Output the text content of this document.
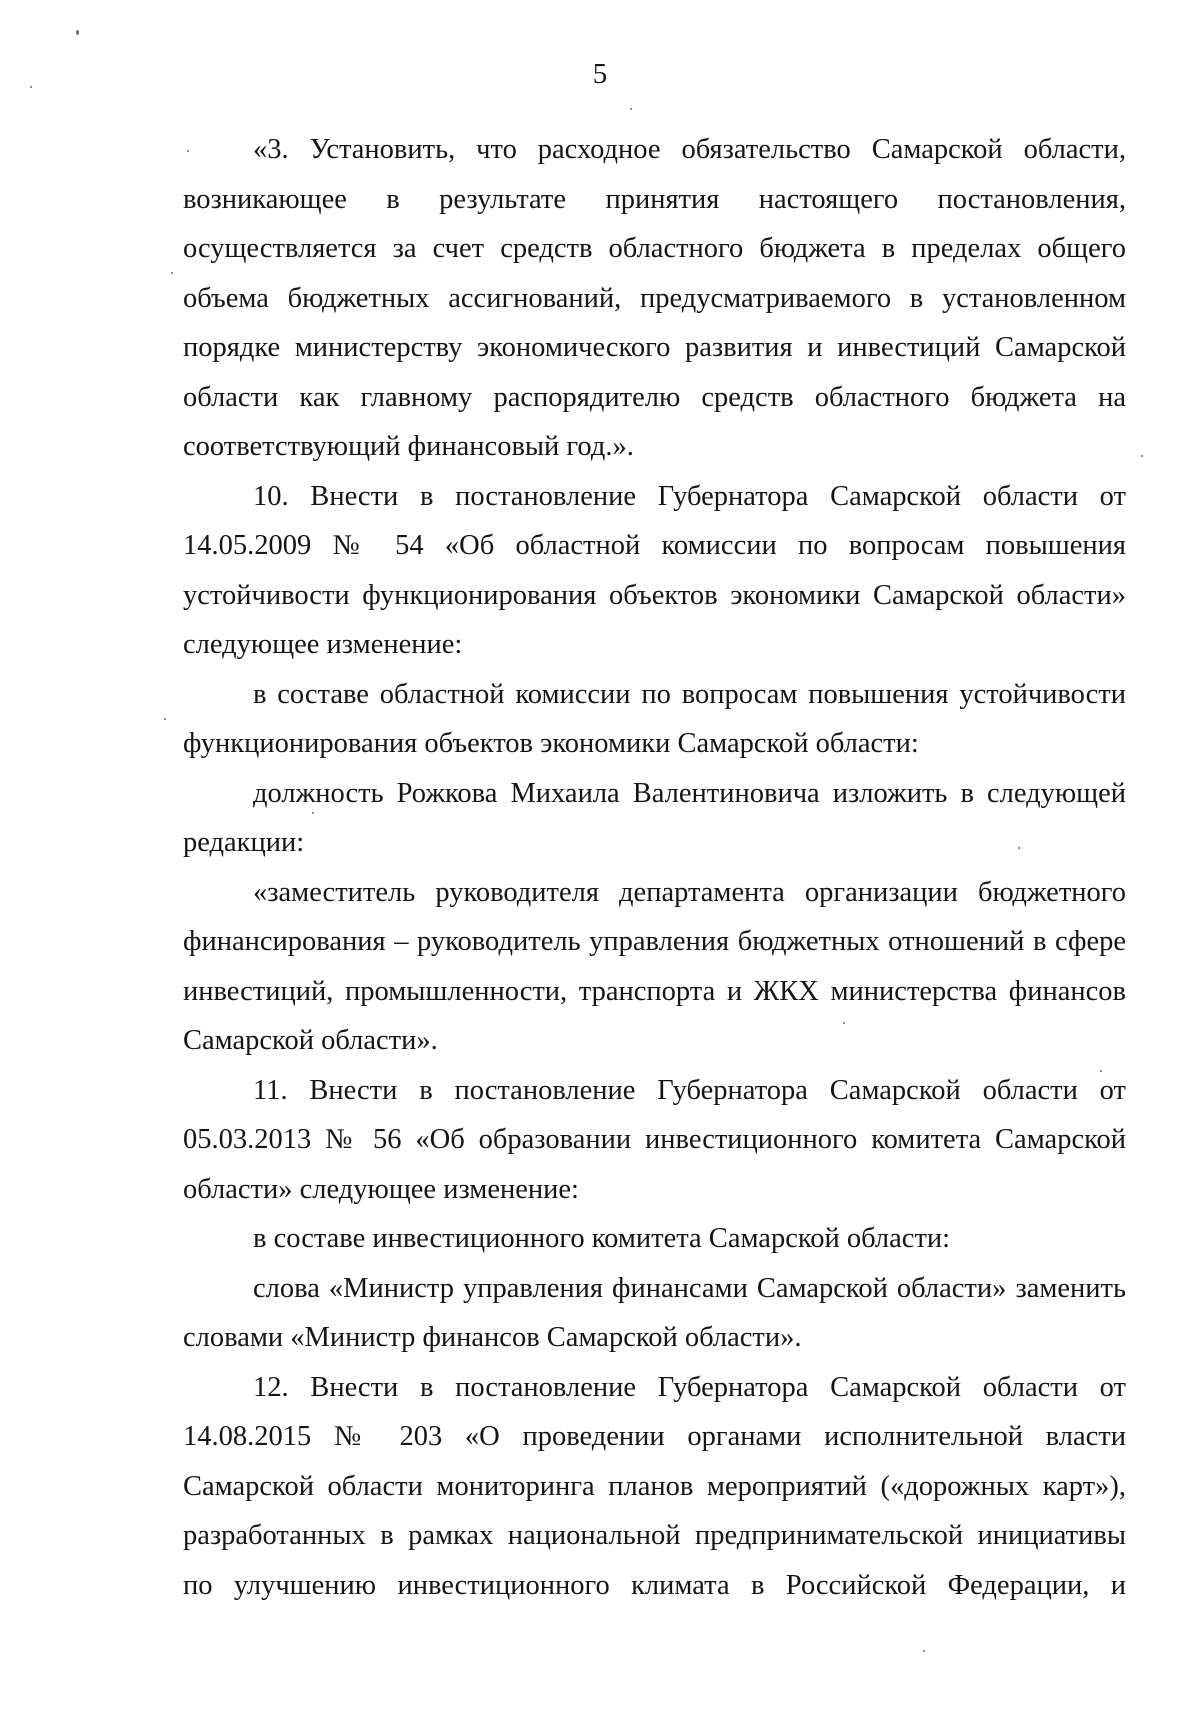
5

«3. Установить, что расходное обязательство Самарской области, возникающее в результате принятия настоящего постановления, осуществляется за счет средств областного бюджета в пределах общего объема бюджетных ассигнований, предусматриваемого в установленном порядке министерству экономического развития и инвестиций Самарской области как главному распорядителю средств областного бюджета на соответствующий финансовый год.».

10. Внести в постановление Губернатора Самарской области от 14.05.2009 № 54 «Об областной комиссии по вопросам повышения устойчивости функционирования объектов экономики Самарской области» следующее изменение:

в составе областной комиссии по вопросам повышения устойчивости функционирования объектов экономики Самарской области:

должность Рожкова Михаила Валентиновича изложить в следующей редакции:

«заместитель руководителя департамента организации бюджетного финансирования – руководитель управления бюджетных отношений в сфере инвестиций, промышленности, транспорта и ЖКХ министерства финансов Самарской области».

11. Внести в постановление Губернатора Самарской области от 05.03.2013 № 56 «Об образовании инвестиционного комитета Самарской области» следующее изменение:

в составе инвестиционного комитета Самарской области:

слова «Министр управления финансами Самарской области» заменить словами «Министр финансов Самарской области».

12. Внести в постановление Губернатора Самарской области от 14.08.2015 № 203 «О проведении органами исполнительной власти Самарской области мониторинга планов мероприятий («дорожных карт»), разработанных в рамках национальной предпринимательской инициативы по улучшению инвестиционного климата в Российской Федерации, и
